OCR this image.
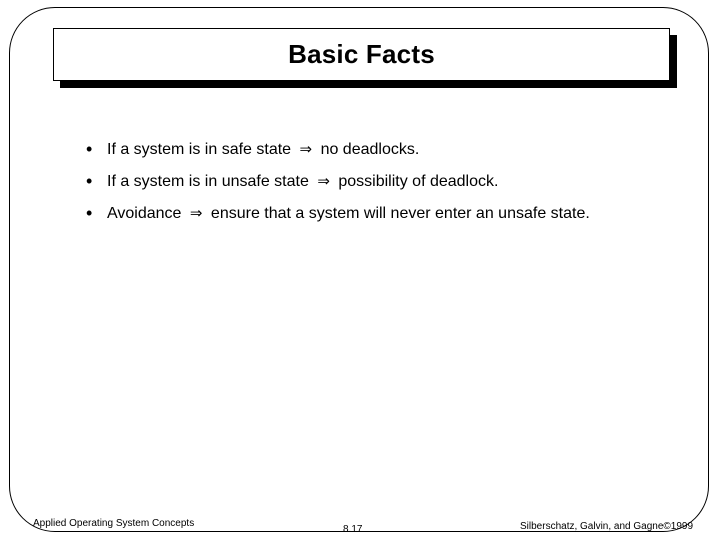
Basic Facts
• If a system is in safe state ⇒ no deadlocks.
• If a system is in unsafe state ⇒ possibility of deadlock.
• Avoidance ⇒ ensure that a system will never enter an unsafe state.
Applied Operating System Concepts
8.17	Silberschatz, Galvin, and Gagne©1999
